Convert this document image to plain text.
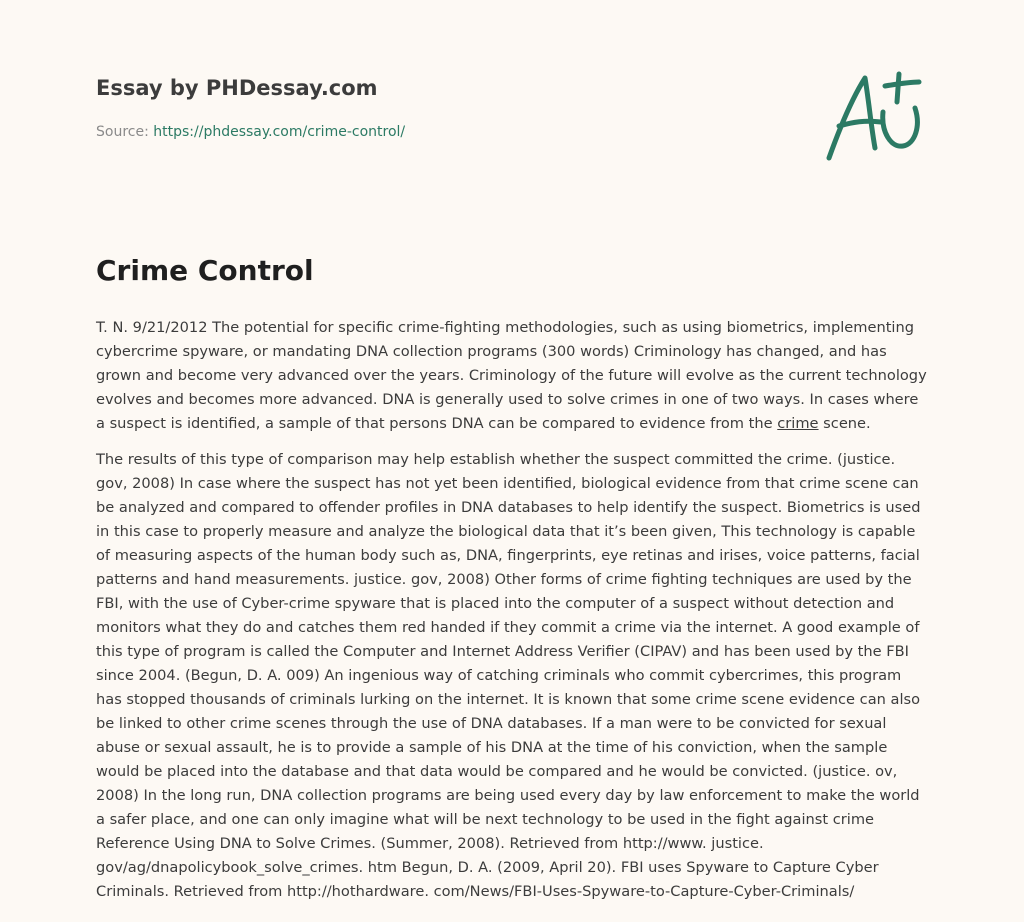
Essay by PHDessay.com
Source: https://phdessay.com/crime-control/
Crime Control

T. N. 9/21/2012 The potential for specific crime-fighting methodologies, such as using biometrics, implementing cybercrime spyware, or mandating DNA collection programs (300 words) Criminology has changed, and has grown and become very advanced over the years. Criminology of the future will evolve as the current technology evolves and becomes more advanced. DNA is generally used to solve crimes in one of two ways. In cases where a suspect is identified, a sample of that persons DNA can be compared to evidence from the crime scene.

The results of this type of comparison may help establish whether the suspect committed the crime. (justice. gov, 2008) In case where the suspect has not yet been identified, biological evidence from that crime scene can be analyzed and compared to offender profiles in DNA databases to help identify the suspect. Biometrics is used in this case to properly measure and analyze the biological data that it’s been given, This technology is capable of measuring aspects of the human body such as, DNA, fingerprints, eye retinas and irises, voice patterns, facial patterns and hand measurements. justice. gov, 2008) Other forms of crime fighting techniques are used by the FBI, with the use of Cyber-crime spyware that is placed into the computer of a suspect without detection and monitors what they do and catches them red handed if they commit a crime via the internet. A good example of this type of program is called the Computer and Internet Address Verifier (CIPAV) and has been used by the FBI since 2004. (Begun, D. A. 009) An ingenious way of catching criminals who commit cybercrimes, this program has stopped thousands of criminals lurking on the internet. It is known that some crime scene evidence can also be linked to other crime scenes through the use of DNA databases. If a man were to be convicted for sexual abuse or sexual assault, he is to provide a sample of his DNA at the time of his conviction, when the sample would be placed into the database and that data would be compared and he would be convicted. (justice. ov, 2008) In the long run, DNA collection programs are being used every day by law enforcement to make the world a safer place, and one can only imagine what will be next technology to be used in the fight against crime Reference Using DNA to Solve Crimes. (Summer, 2008). Retrieved from http://www. justice. gov/ag/dnapolicybook_solve_crimes. htm Begun, D. A. (2009, April 20). FBI uses Spyware to Capture Cyber Criminals. Retrieved from http://hothardware. com/News/FBI-Uses-Spyware-to-Capture-Cyber-Criminals/
